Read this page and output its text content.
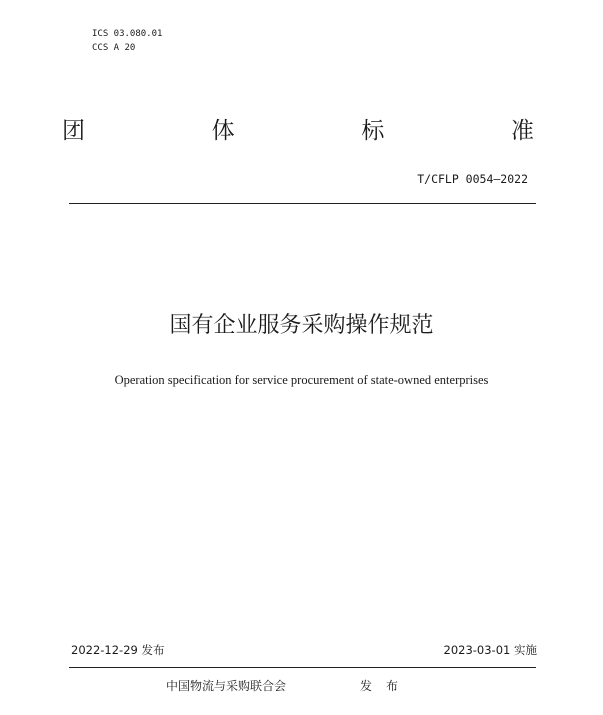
ICS 03.080.01
CCS A 20
团	体	标	准
T/CFLP 0054—2022
国有企业服务采购操作规范
Operation specification for service procurement of state-owned enterprises
2022-12-29 发布	2023-03-01 实施
中国物流与采购联合会	发布
